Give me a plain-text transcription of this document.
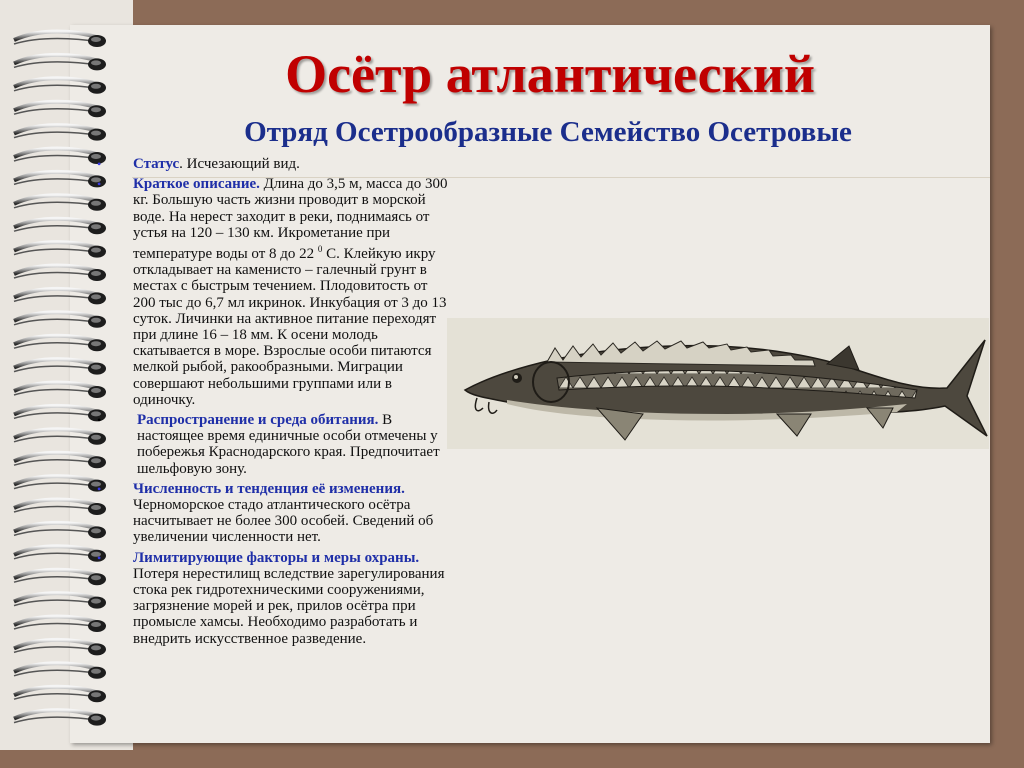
Осётр атлантический
Отряд Осетрообразные Семейство Осетровые
•	Статус. Исчезающий вид.
•	Краткое описание. Длина до 3,5 м, масса до 300 кг. Большую часть жизни проводит в морской воде. На нерест заходит в реки, поднимаясь от устья на 120 – 130 км. Икрометание при температуре воды от 8 до 22 $^0$ С. Клейкую икру откладывает на каменисто – галечный грунт в местах с быстрым течением. Плодовитость от 200 тыс до 6,7 мл икринок. Инкубация от 3 до 13 суток. Личинки на активное питание переходят при длине 16 – 18 мм. К осени молодь скатывается в море. Взрослые особи питаются мелкой рыбой, ракообразными. Миграции совершают небольшими группами или в одиночку.
•	Распространение и среда обитания. В настоящее время единичные особи отмечены у побережья Краснодарского края. Предпочитает шельфовую зону.
•	Численность и тенденция её изменения. Черноморское стадо атлантического осётра насчитывает не более 300 особей. Сведений об увеличении численности нет.
•	Лимитирующие факторы и меры охраны. Потеря нерестилищ вследствие зарегулирования стока рек гидротехническими сооружениями, загрязнение морей и рек, прилов осётра при промысле хамсы. Необходимо разработать и внедрить искусственное разведение.
